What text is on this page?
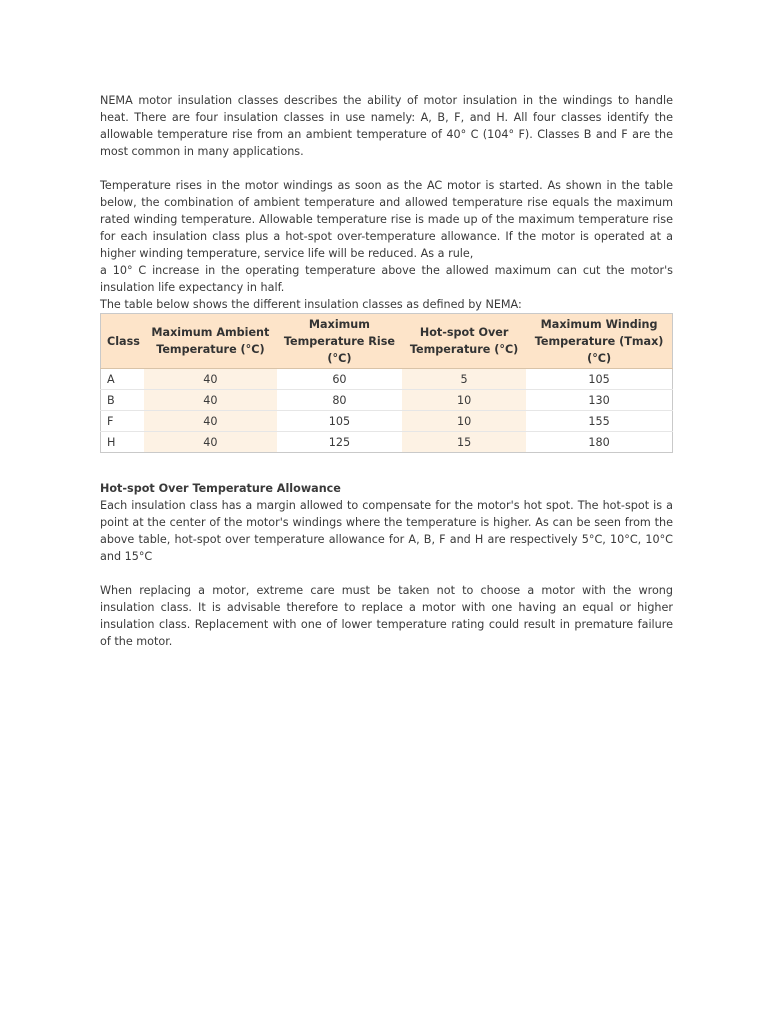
NEMA motor insulation classes describes the ability of motor insulation in the windings to handle heat. There are four insulation classes in use namely: A, B, F, and H. All four classes identify the allowable temperature rise from an ambient temperature of 40° C (104° F). Classes B and F are the most common in many applications.

Temperature rises in the motor windings as soon as the AC motor is started. As shown in the table below, the combination of ambient temperature and allowed temperature rise equals the maximum rated winding temperature. Allowable temperature rise is made up of the maximum temperature rise for each insulation class plus a hot-spot over-temperature allowance. If the motor is operated at a higher winding temperature, service life will be reduced. As a rule,

a 10° C increase in the operating temperature above the allowed maximum can cut the motor's insulation life expectancy in half.

The table below shows the different insulation classes as defined by NEMA:

Class	Maximum Ambient Temperature (°C)	Maximum Temperature Rise (°C)	Hot-spot Over Temperature (°C)	Maximum Winding Temperature (Tmax)(°C)
A	40	60	5	105
B	40	80	10	130
F	40	105	10	155
H	40	125	15	180

Hot-spot Over Temperature Allowance

Each insulation class has a margin allowed to compensate for the motor's hot spot. The hot-spot is a point at the center of the motor's windings where the temperature is higher. As can be seen from the above table, hot-spot over temperature allowance for A, B, F and H are respectively 5°C, 10°C, 10°C and 15°C

When replacing a motor, extreme care must be taken not to choose a motor with the wrong insulation class. It is advisable therefore to replace a motor with one having an equal or higher insulation class. Replacement with one of lower temperature rating could result in premature failure of the motor.
